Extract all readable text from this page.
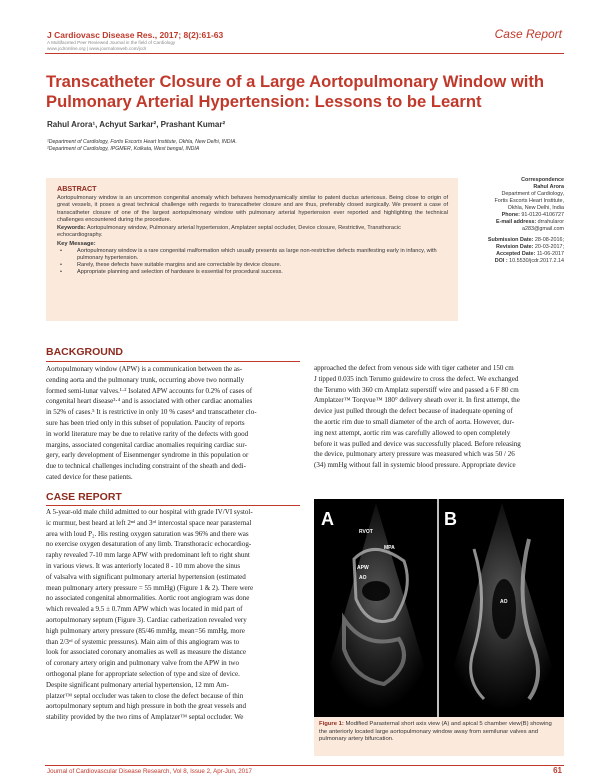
J Cardiovasc Disease Res., 2017; 8(2):61-63
A Multifaceted Peer Reviewed Journal in the field of Cardiology
www.jcdronline.org | www.journalonweb.com/jcdr
Case Report
Transcatheter Closure of a Large Aortopulmonary Window with Pulmonary Arterial Hypertension: Lessons to be Learnt
Rahul Arora¹, Achyut Sarkar², Prashant Kumar²
¹Department of Cardiology, Fortis Escorts Heart Institute, Okhla, New Delhi, INDIA.
²Department of Cardiology, IPGMER, Kolkata, West bengal, INDIA
ABSTRACT
Aortopulmonary window is an uncommon congenital anomaly which behaves hemodynamically similar to patent ductus arteriosus. Being close to origin of great vessels, it poses a great technical challenge with regards to transcatheter closure and are thus, preferably closed surgically. We present a case of transcatheter closure of one of the largest aortopulmonary window with pulmonary arterial hypertension ever reported and highlighting the technical challenges encountered during the procedure.
Keywords: Aortopulmonary window, Pulmonary arterial hypertension, Amplatzer septal occluder, Device closure, Restrictive, Transthoracic echocardiography.
Key Message:
• Aortopulmonary window is a rare congenital malformation which usually presents as large non-restrictive defects manifesting early in infancy, with pulmonary hypertension.
• Rarely, these defects have suitable margins and are correctable by device closure.
• Appropriate planning and selection of hardware is essential for procedural success.
Correspondence
Rahul Arora
Department of Cardiology,
Fortis Escorts Heart Institute,
Okhla, New Delhi, India
Phone: 91-0120-4106727
E-mail address: drrahularor
a283@gmail.com
Submission Date: 28-08-2016;
Revision Date: 20-03-2017;
Accepted Date: 11-06-2017
DOI : 10.5530/jcdr.2017.2.14
BACKGROUND
Aortopulmonary window (APW) is a communication between the as-
cending aorta and the pulmonary trunk, occurring above two normally
formed semi-lunar valves.¹·² Isolated APW accounts for 0.2% of cases of
congenital heart disease³·⁴ and is associated with other cardiac anomalies
in 52% of cases.⁵ It is restrictive in only 10 % cases⁴ and transcatheter clo-
sure has been tried only in this subset of population. Paucity of reports
in world literature may be due to relative rarity of the defects with good
margins, associated congenital cardiac anomalies requiring cardiac sur-
gery, early development of Eisenmenger syndrome in this population or
due to technical challenges including constraint of the sheath and dedi-
cated device for these patients.
CASE REPORT
A 5-year-old male child admitted to our hospital with grade IV/VI systol-
ic murmur, best heard at left 2ⁿᵈ and 3ʳᵈ intercostal space near parasternal
area with loud P₂. His resting oxygen saturation was 96% and there was
no exercise oxygen desaturation of any limb. Transthoracic echocardiog-
raphy revealed 7-10 mm large APW with predominant left to right shunt
in various views. It was anteriorly located 8 - 10 mm above the sinus
of valsalva with significant pulmonary arterial hypertension (estimated
mean pulmonary artery pressure = 55 mmHg) (Figure 1 & 2). There were
no associated congenital abnormalities. Aortic root angiogram was done
which revealed a 9.5 ± 0.7mm APW which was located in mid part of
aortopulmonary septum (Figure 3). Cardiac catherization revealed very
high pulmonary artery pressure (85/46 mmHg, mean=56 mmHg, more
than 2/3ʳᵈ of systemic pressures). Main aim of this angiogram was to
look for associated coronary anomalies as well as measure the distance
of coronary artery origin and pulmonary valve from the APW in two
orthogonal plane for appropriate selection of type and size of device.
Despite significant pulmonary arterial hypertension, 12 mm Am-
platzer™ septal occluder was taken to close the defect because of thin
aortopulmonary septum and high pressure in both the great vessels and
stability provided by the two rims of Amplatzer™ septal occluder. We
approached the defect from venous side with tiger catheter and 150 cm
J tipped 0.035 inch Terumo guidewire to cross the defect. We exchanged
the Terumo with 360 cm Amplatz superstiff wire and passed a 6 F 80 cm
Amplatzer™ Torqvue™ 180° delivery sheath over it. In first attempt, the
device just pulled through the defect because of inadequate opening of
the aortic rim due to small diameter of the arch of aorta. However, dur-
ing next attempt, aortic rim was carefully allowed to open completely
before it was pulled and device was successfully placed. Before releasing
the device, pulmonary artery pressure was measured which was 50 / 26
(34) mmHg without fall in systemic blood pressure. Appropriate device
A	B
RVOT
MPA
APW
AO
AO
Figure 1: Modified Parasternal short axis view (A) and apical 5 chamber view(B) showing the anteriorly located large aortopulmonary window away from semilunar valves and pulmonary artery bifurcation.
Journal of Cardiovascular Disease Research, Vol 8, Issue 2, Apr-Jun, 2017	61
